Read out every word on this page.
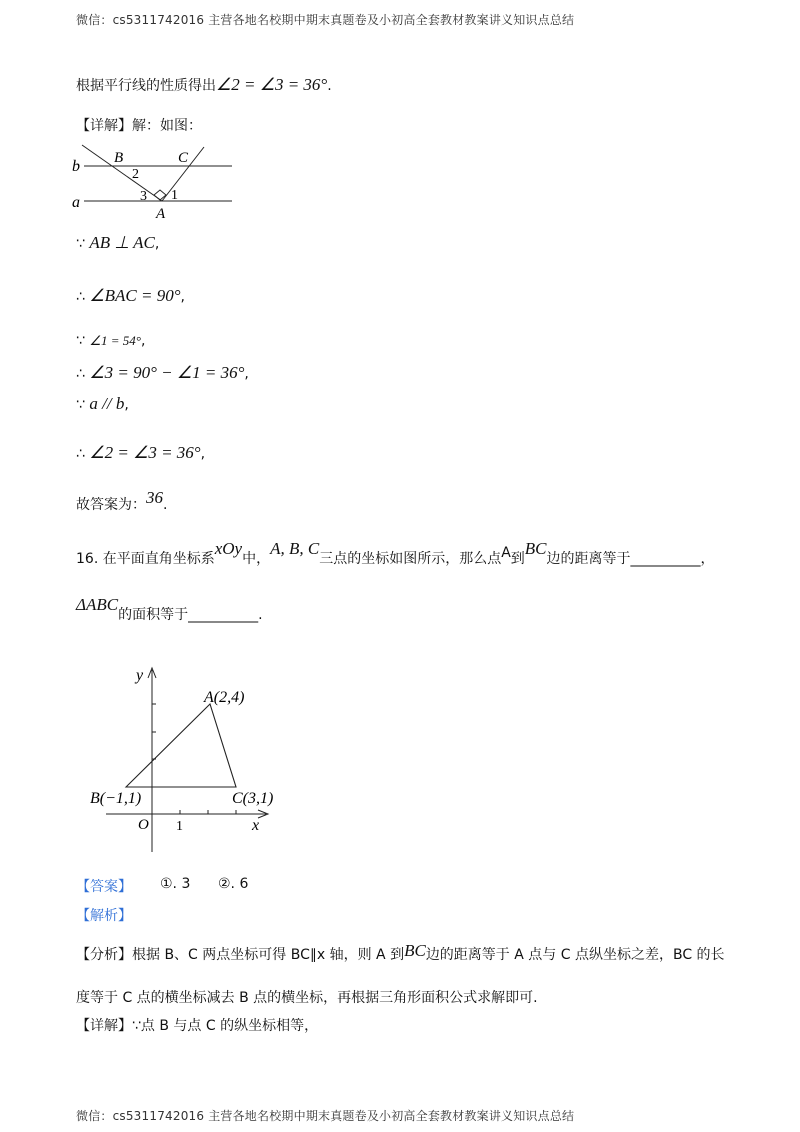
微信：cs5311742016 主营各地名校期中期末真题卷及小初高全套教材教案讲义知识点总结
根据平行线的性质得出∠2 = ∠3 = 36°.
【详解】解：如图：
b
a
B	C
A
2
3 1
∵ AB ⊥ AC,
∴ ∠BAC = 90°,
∵ ∠1 = 54°,
∴ ∠3 = 90° − ∠1 = 36°,
∵ a // b,
∴ ∠2 = ∠3 = 36°,
故答案为：36.
16. 在平面直角坐标系xOy中，A, B, C三点的坐标如图所示，那么点A到BC边的距离等于__________，
ΔABC的面积等于__________.
y
x
O 1
A(2,4)
B(−1,1)	C(3,1)
【答案】 ①. 3 ②. 6
【解析】
【分析】根据 B、C 两点坐标可得 BC∥x 轴，则 A 到BC边的距离等于 A 点与 C 点纵坐标之差，BC 的长
度等于 C 点的横坐标减去 B 点的横坐标，再根据三角形面积公式求解即可.
【详解】∵点 B 与点 C 的纵坐标相等，
微信：cs5311742016 主营各地名校期中期末真题卷及小初高全套教材教案讲义知识点总结
